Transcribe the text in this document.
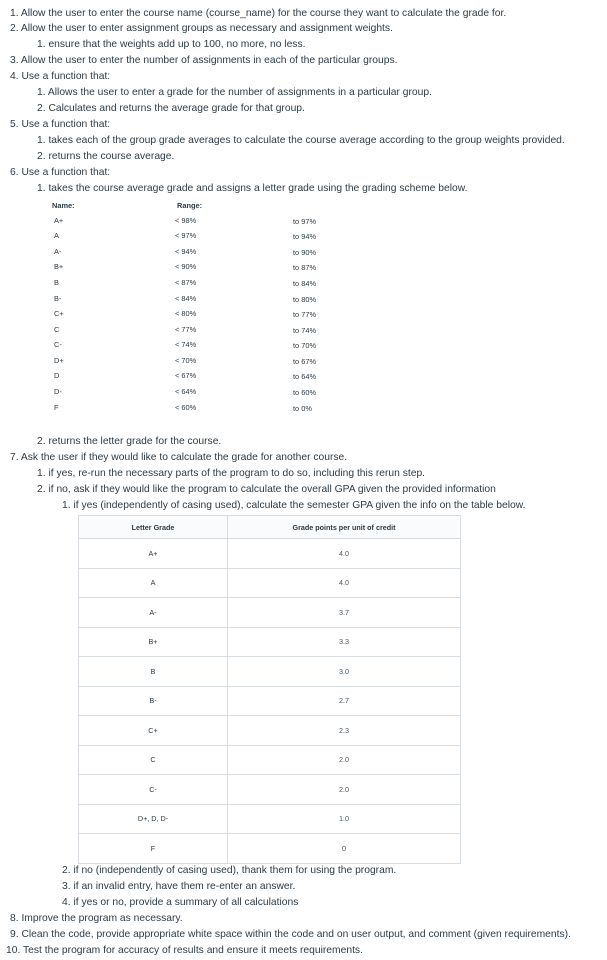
1. Allow the user to enter the course name (course_name) for the course they want to calculate the grade for.
2. Allow the user to enter assignment groups as necessary and assignment weights.
1. ensure that the weights add up to 100, no more, no less.
3. Allow the user to enter the number of assignments in each of the particular groups.
4. Use a function that:
1. Allows the user to enter a grade for the number of assignments in a particular group.
2. Calculates and returns the average grade for that group.
5. Use a function that:
1. takes each of the group grade averages to calculate the course average according to the group weights provided.
2. returns the course average.
6. Use a function that:
1. takes the course average grade and assigns a letter grade using the grading scheme below.
Name:	Range:
A+	< 98%	to 97%
A	< 97%	to 94%
A-	< 94%	to 90%
B+	< 90%	to 87%
B	< 87%	to 84%
B-	< 84%	to 80%
C+	< 80%	to 77%
C	< 77%	to 74%
C-	< 74%	to 70%
D+	< 70%	to 67%
D	< 67%	to 64%
D-	< 64%	to 60%
F	< 60%	to 0%
2. returns the letter grade for the course.
7. Ask the user if they would like to calculate the grade for another course.
1. if yes, re-run the necessary parts of the program to do so, including this rerun step.
2. if no, ask if they would like the program to calculate the overall GPA given the provided information
1. if yes (independently of casing used), calculate the semester GPA given the info on the table below.
Letter Grade	Grade points per unit of credit
A+	4.0
A	4.0
A-	3.7
B+	3.3
B	3.0
B-	2.7
C+	2.3
C	2.0
C-	2.0
D+, D, D-	1.0
F	0
2. if no (independently of casing used), thank them for using the program.
3. if an invalid entry, have them re-enter an answer.
4. if yes or no, provide a summary of all calculations
8. Improve the program as necessary.
9. Clean the code, provide appropriate white space within the code and on user output, and comment (given requirements).
10. Test the program for accuracy of results and ensure it meets requirements.
